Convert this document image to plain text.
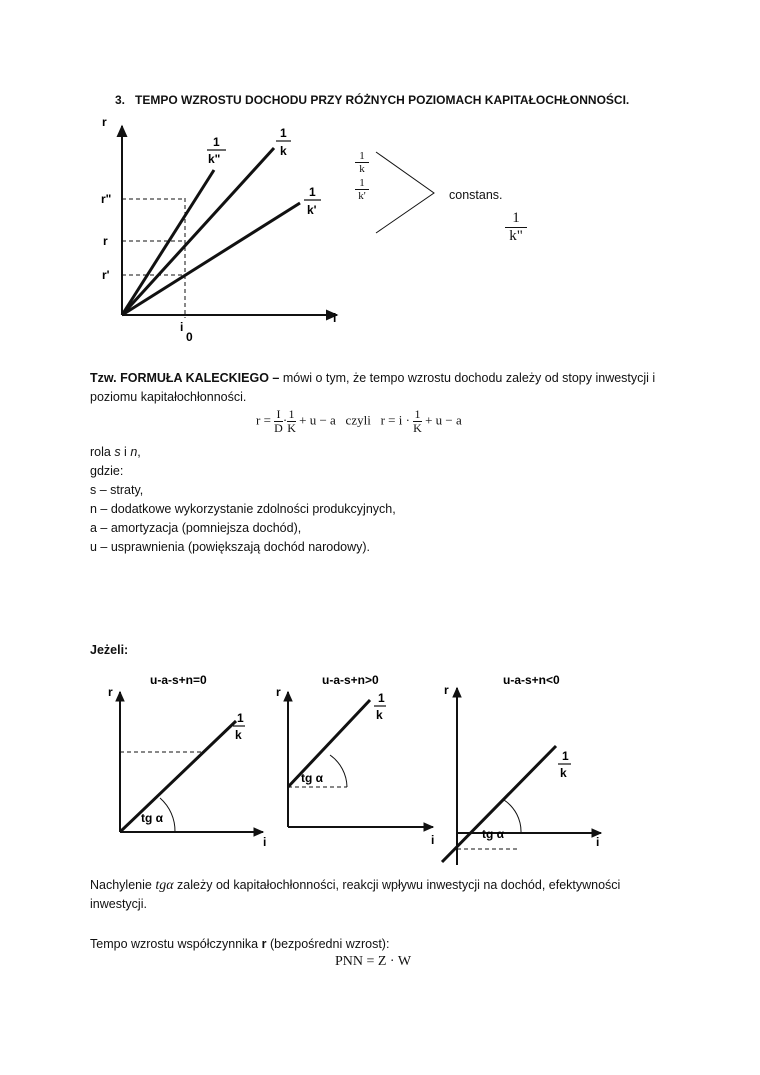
3. TEMPO WZROSTU DOCHODU PRZY RÓŻNYCH POZIOMACH KAPITAŁOCHŁONNOŚCI.
r
i
r"
r
r'
i
0
1
k"
1
k
1
k'
1
k
1
k'	constans.
1
k"
Tzw. FORMUŁA KALECKIEGO – mówi o tym, że tempo wzrostu dochodu zależy od stopy inwestycji i
poziomu kapitałochłonności.
$r = \frac{I}{D} \cdot \frac{1}{K} + u - a$ czyli $r = i \cdot \frac{1}{K} + u - a$
rola s i n,
gdzie:
s – straty,
n – dodatkowe wykorzystanie zdolności produkcyjnych,
a – amortyzacja (pomniejsza dochód),
u – usprawnienia (powiększają dochód narodowy).
Jeżeli:
u-a-s+n=0
r
i
tg α
1
k
u-a-s+n>0
r
i
tg α
1
k
u-a-s+n<0
r
i
tg α
1
k
Nachylenie tgα zależy od kapitałochłonności, reakcji wpływu inwestycji na dochód, efektywności
inwestycji.
Tempo wzrostu współczynnika r (bezpośredni wzrost):
PNN = Z · W
